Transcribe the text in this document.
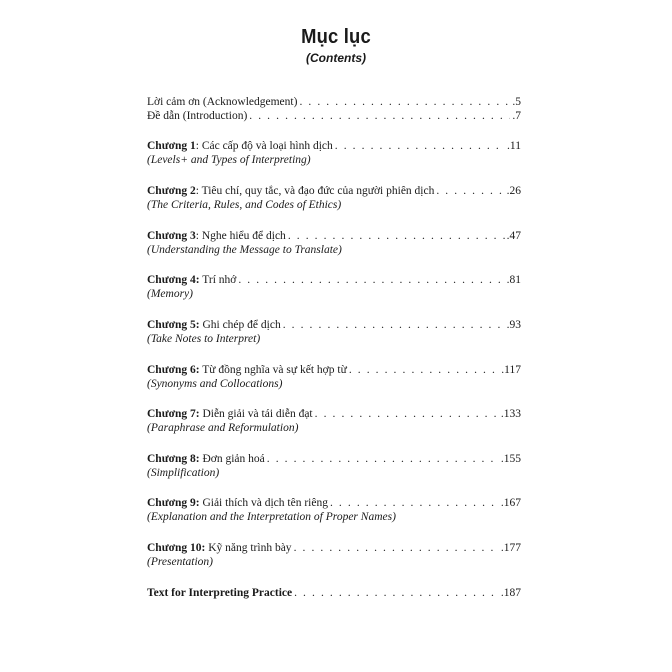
Mục lục
(Contents)
Lời cảm ơn (Acknowledgement) . . .	.5
Đề dẫn (Introduction) . . .	.7
Chương 1: Các cấp độ và loại hình dịch . . .	.11
(Levels+ and Types of Interpreting)
Chương 2: Tiêu chí, quy tắc, và đạo đức của người phiên dịch . . .	.26
(The Criteria, Rules, and Codes of Ethics)
Chương 3: Nghe hiểu để dịch . . .	.47
(Understanding the Message to Translate)
Chương 4: Trí nhớ . . .	.81
(Memory)
Chương 5: Ghi chép để dịch . . .	.93
(Take Notes to Interpret)
Chương 6: Từ đồng nghĩa và sự kết hợp từ . . .	.117
(Synonyms and Collocations)
Chương 7: Diễn giải và tái diễn đạt . . .	.133
(Paraphrase and Reformulation)
Chương 8: Đơn giản hoá . . .	.155
(Simplification)
Chương 9: Giải thích và dịch tên riêng . . .	.167
(Explanation and the Interpretation of Proper Names)
Chương 10: Kỹ năng trình bày . . .	.177
(Presentation)
Text for Interpreting Practice . . .	.187
